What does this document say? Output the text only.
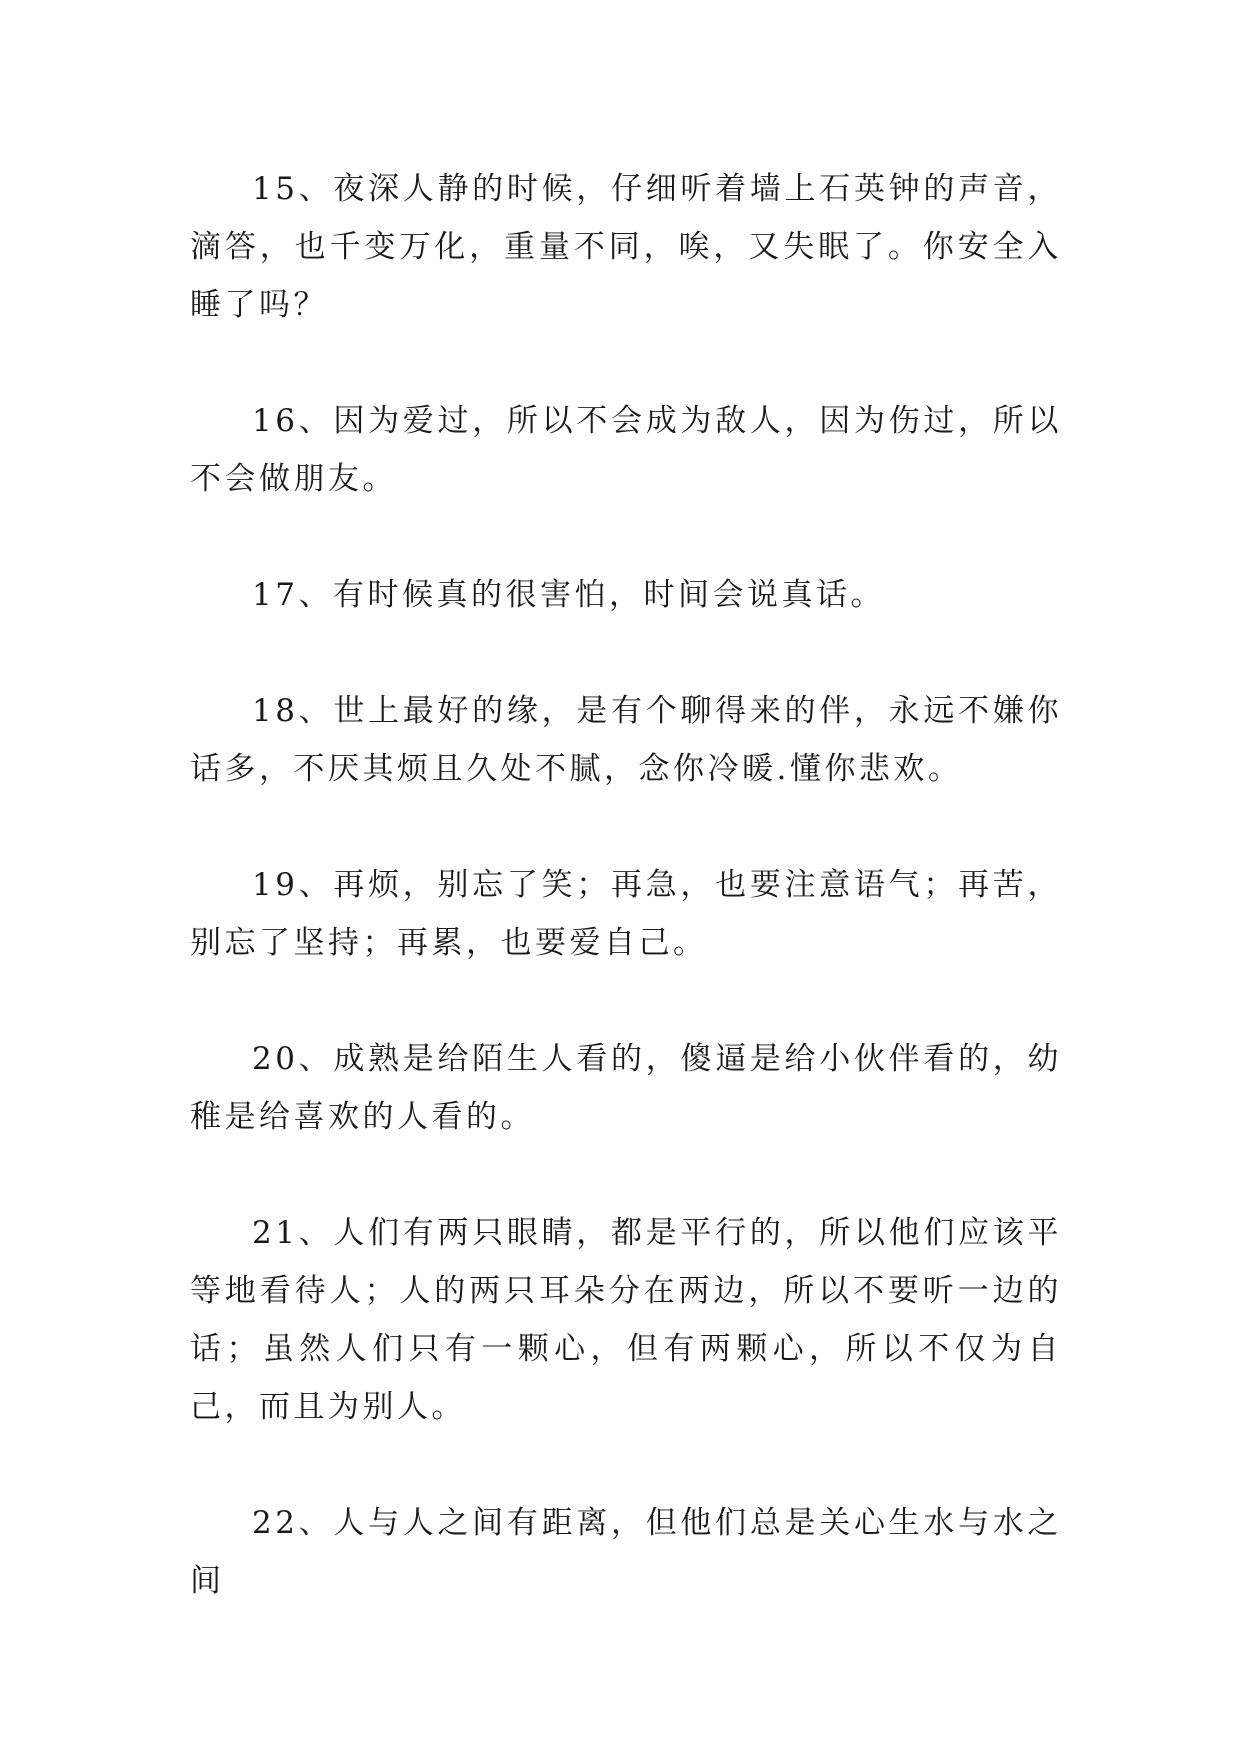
15、夜深人静的时候，仔细听着墙上石英钟的声音，滴答，也千变万化，重量不同，唉，又失眠了。你安全入睡了吗？

16、因为爱过，所以不会成为敌人，因为伤过，所以不会做朋友。

17、有时候真的很害怕，时间会说真话。

18、世上最好的缘，是有个聊得来的伴，永远不嫌你话多，不厌其烦且久处不腻，念你冷暖.懂你悲欢。

19、再烦，别忘了笑；再急，也要注意语气；再苦，别忘了坚持；再累，也要爱自己。

20、成熟是给陌生人看的，傻逼是给小伙伴看的，幼稚是给喜欢的人看的。

21、人们有两只眼睛，都是平行的，所以他们应该平等地看待人；人的两只耳朵分在两边，所以不要听一边的话；虽然人们只有一颗心，但有两颗心，所以不仅为自己，而且为别人。

22、人与人之间有距离，但他们总是关心生水与水之间
